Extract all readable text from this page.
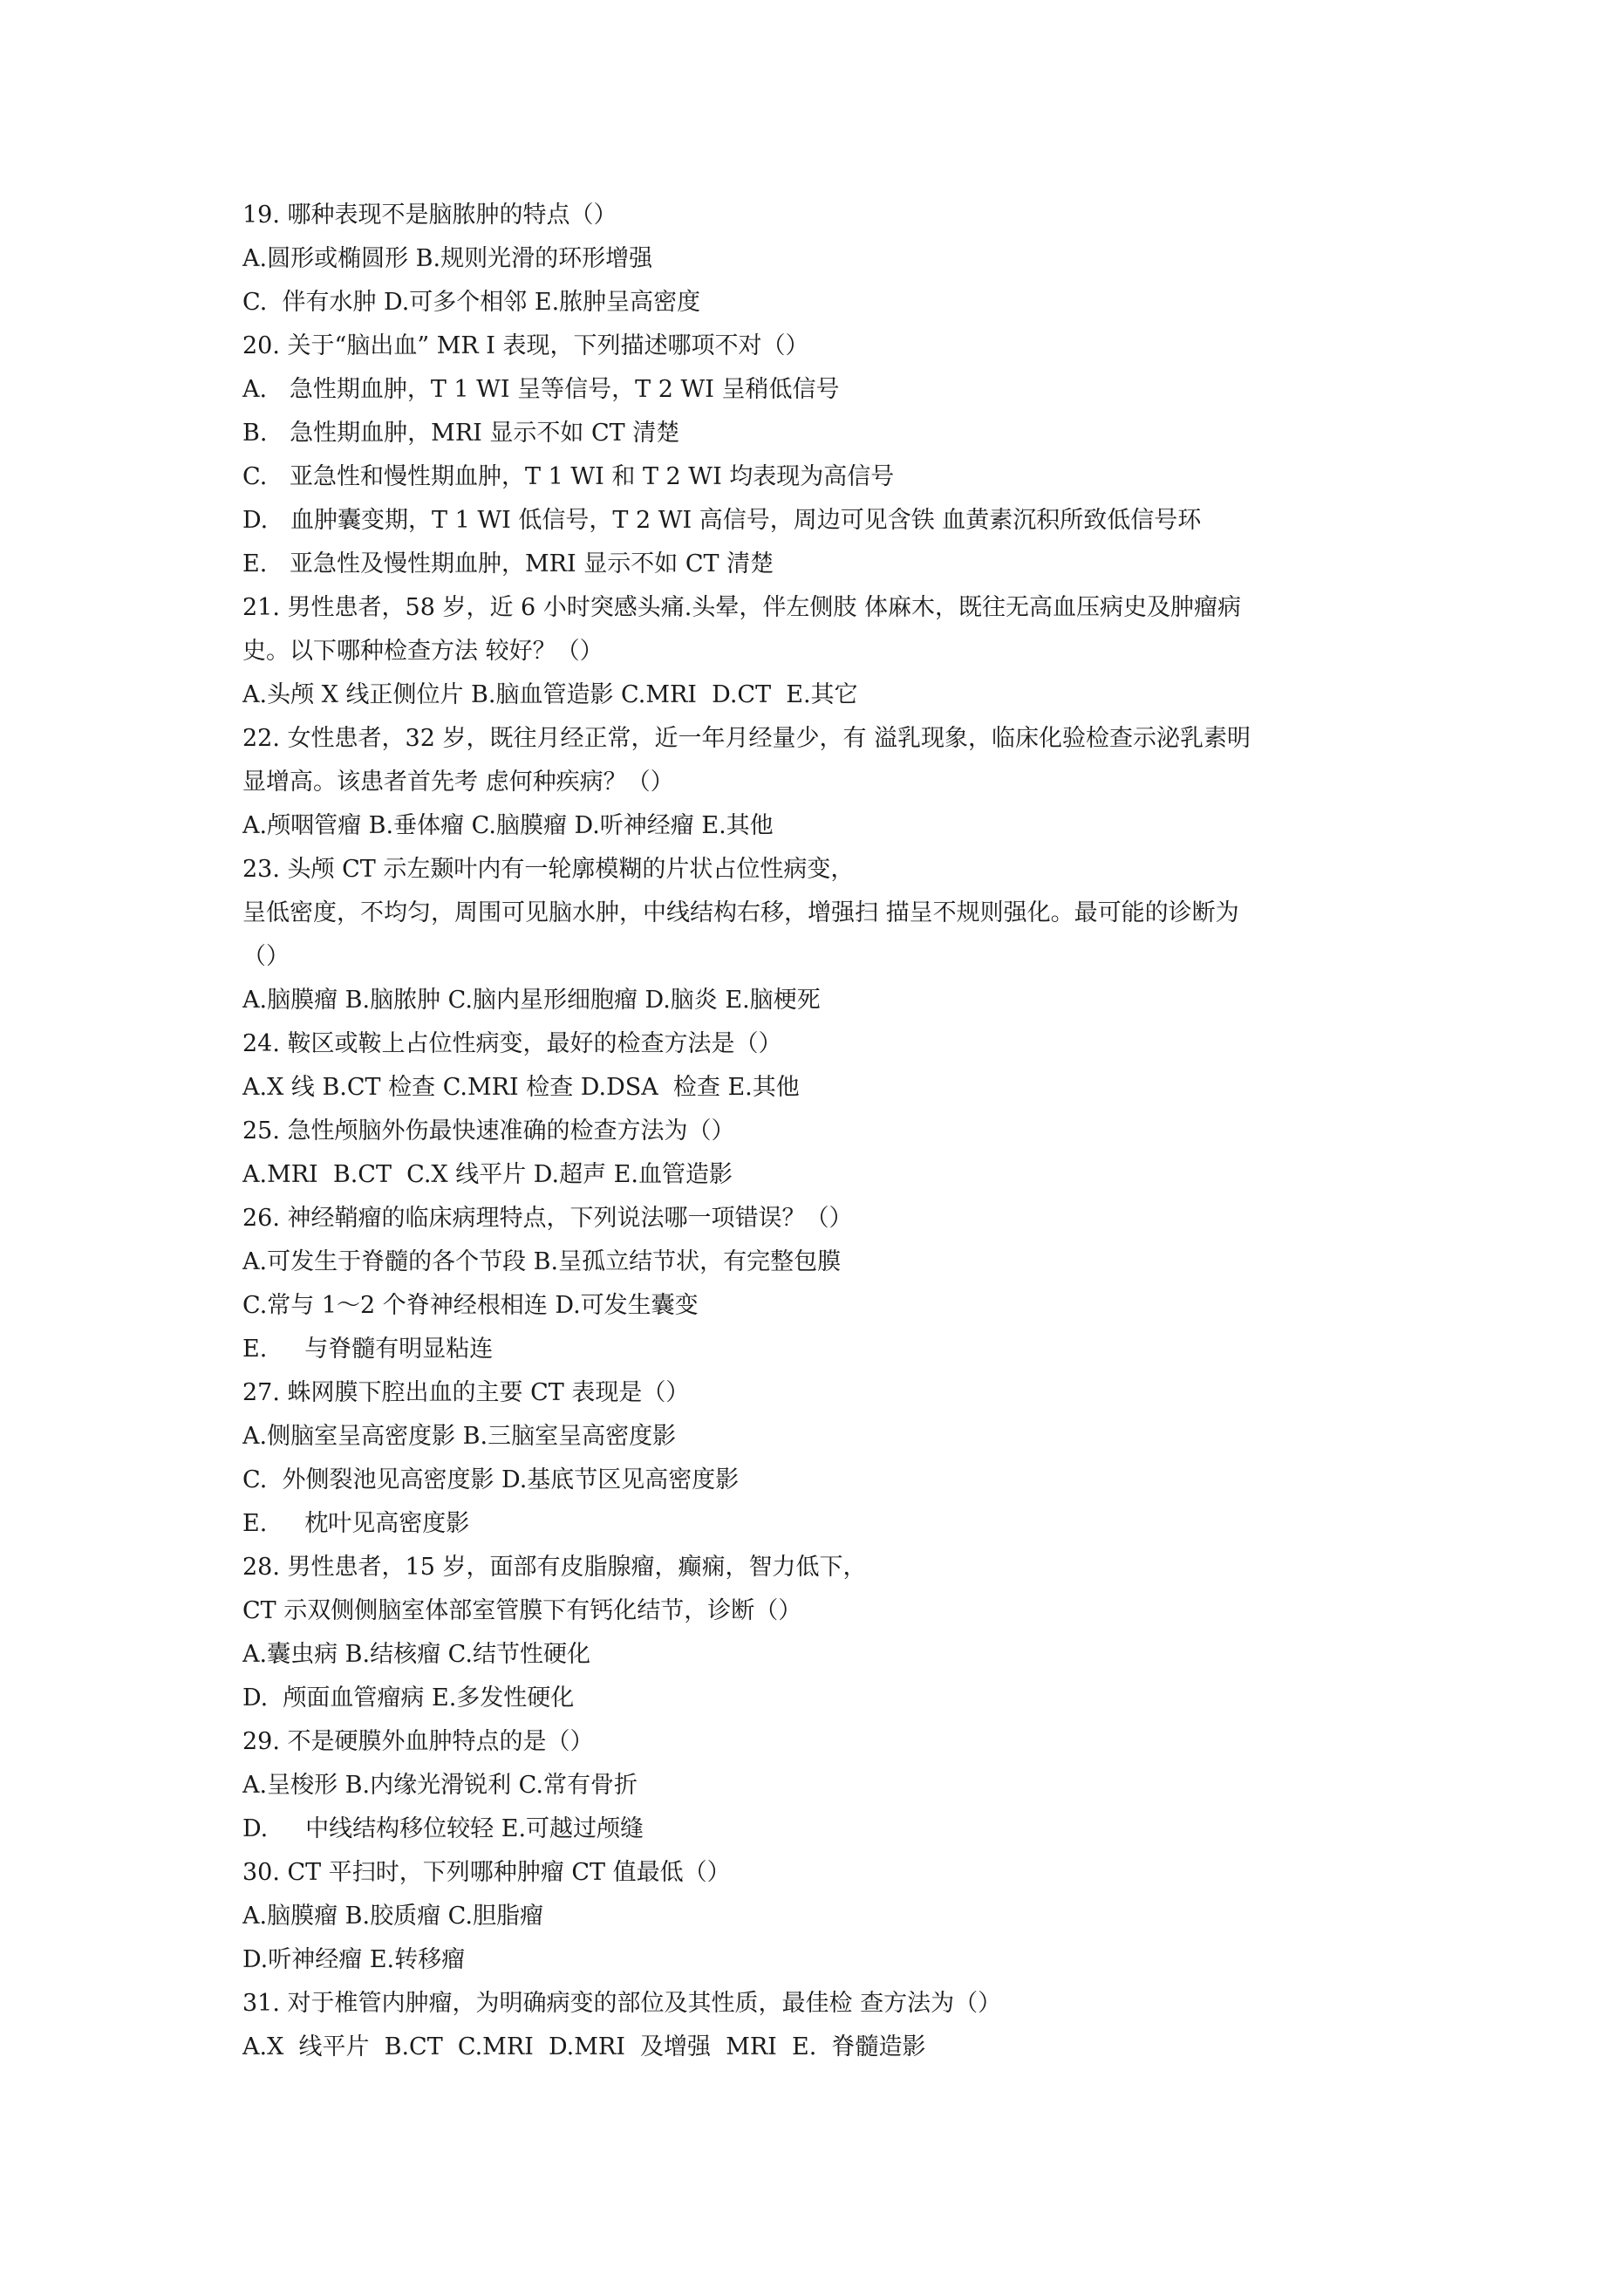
19. 哪种表现不是脑脓肿的特点（）
A.圆形或椭圆形 B.规则光滑的环形增强
C.  伴有水肿 D.可多个相邻 E.脓肿呈高密度
20. 关于“脑出血” MR I 表现，下列描述哪项不对（）
A.   急性期血肿，T 1 WI 呈等信号，T 2 WI 呈稍低信号
B.   急性期血肿，MRI 显示不如 CT 清楚
C.   亚急性和慢性期血肿，T 1 WI 和 T 2 WI 均表现为高信号
D.   血肿囊变期，T 1 WI 低信号，T 2 WI 高信号，周边可见含铁 血黄素沉积所致低信号环
E.   亚急性及慢性期血肿，MRI 显示不如 CT 清楚
21. 男性患者，58 岁，近 6 小时突感头痛.头晕，伴左侧肢 体麻木，既往无高血压病史及肿瘤病
史。以下哪种检查方法 较好？（）
A.头颅 X 线正侧位片 B.脑血管造影 C.MRI  D.CT  E.其它
22. 女性患者，32 岁，既往月经正常，近一年月经量少，有 溢乳现象，临床化验检查示泌乳素明
显增高。该患者首先考 虑何种疾病？（）
A.颅咽管瘤 B.垂体瘤 C.脑膜瘤 D.听神经瘤 E.其他
23. 头颅 CT 示左颞叶内有一轮廓模糊的片状占位性病变，
呈低密度，不均匀，周围可见脑水肿，中线结构右移，增强扫 描呈不规则强化。最可能的诊断为
（）
A.脑膜瘤 B.脑脓肿 C.脑内星形细胞瘤 D.脑炎 E.脑梗死
24. 鞍区或鞍上占位性病变，最好的检查方法是（）
A.X 线 B.CT 检查 C.MRI 检查 D.DSA  检查 E.其他
25. 急性颅脑外伤最快速准确的检查方法为（）
A.MRI  B.CT  C.X 线平片 D.超声 E.血管造影
26. 神经鞘瘤的临床病理特点，下列说法哪一项错误？（）
A.可发生于脊髓的各个节段 B.呈孤立结节状，有完整包膜
C.常与 1〜2 个脊神经根相连 D.可发生囊变
E.     与脊髓有明显粘连
27. 蛛网膜下腔出血的主要 CT 表现是（）
A.侧脑室呈高密度影 B.三脑室呈高密度影
C.  外侧裂池见高密度影 D.基底节区见高密度影
E.     枕叶见高密度影
28. 男性患者，15 岁，面部有皮脂腺瘤，癫痫，智力低下，
CT 示双侧侧脑室体部室管膜下有钙化结节，诊断（）
A.囊虫病 B.结核瘤 C.结节性硬化
D.  颅面血管瘤病 E.多发性硬化
29. 不是硬膜外血肿特点的是（）
A.呈梭形 B.内缘光滑锐利 C.常有骨折
D.     中线结构移位较轻 E.可越过颅缝
30. CT 平扫时，下列哪种肿瘤 CT 值最低（）
A.脑膜瘤 B.胶质瘤 C.胆脂瘤
D.听神经瘤 E.转移瘤
31. 对于椎管内肿瘤，为明确病变的部位及其性质，最佳检 查方法为（）
A.X  线平片  B.CT  C.MRI  D.MRI  及增强  MRI  E.  脊髓造影
